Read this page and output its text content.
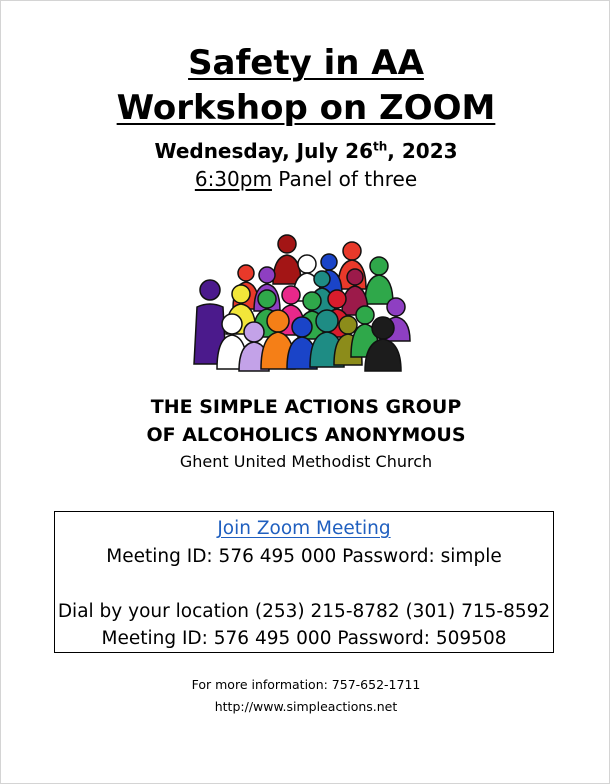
Safety in AA
Workshop on ZOOM
Wednesday, July 26th, 2023
6:30pm Panel of three
THE SIMPLE ACTIONS GROUP
OF ALCOHOLICS ANONYMOUS
Ghent United Methodist Church
Join Zoom Meeting
Meeting ID: 576 495 000 Password: simple
Dial by your location (253) 215-8782 (301) 715-8592
Meeting ID: 576 495 000 Password: 509508
For more information: 757-652-1711
http://www.simpleactions.net
